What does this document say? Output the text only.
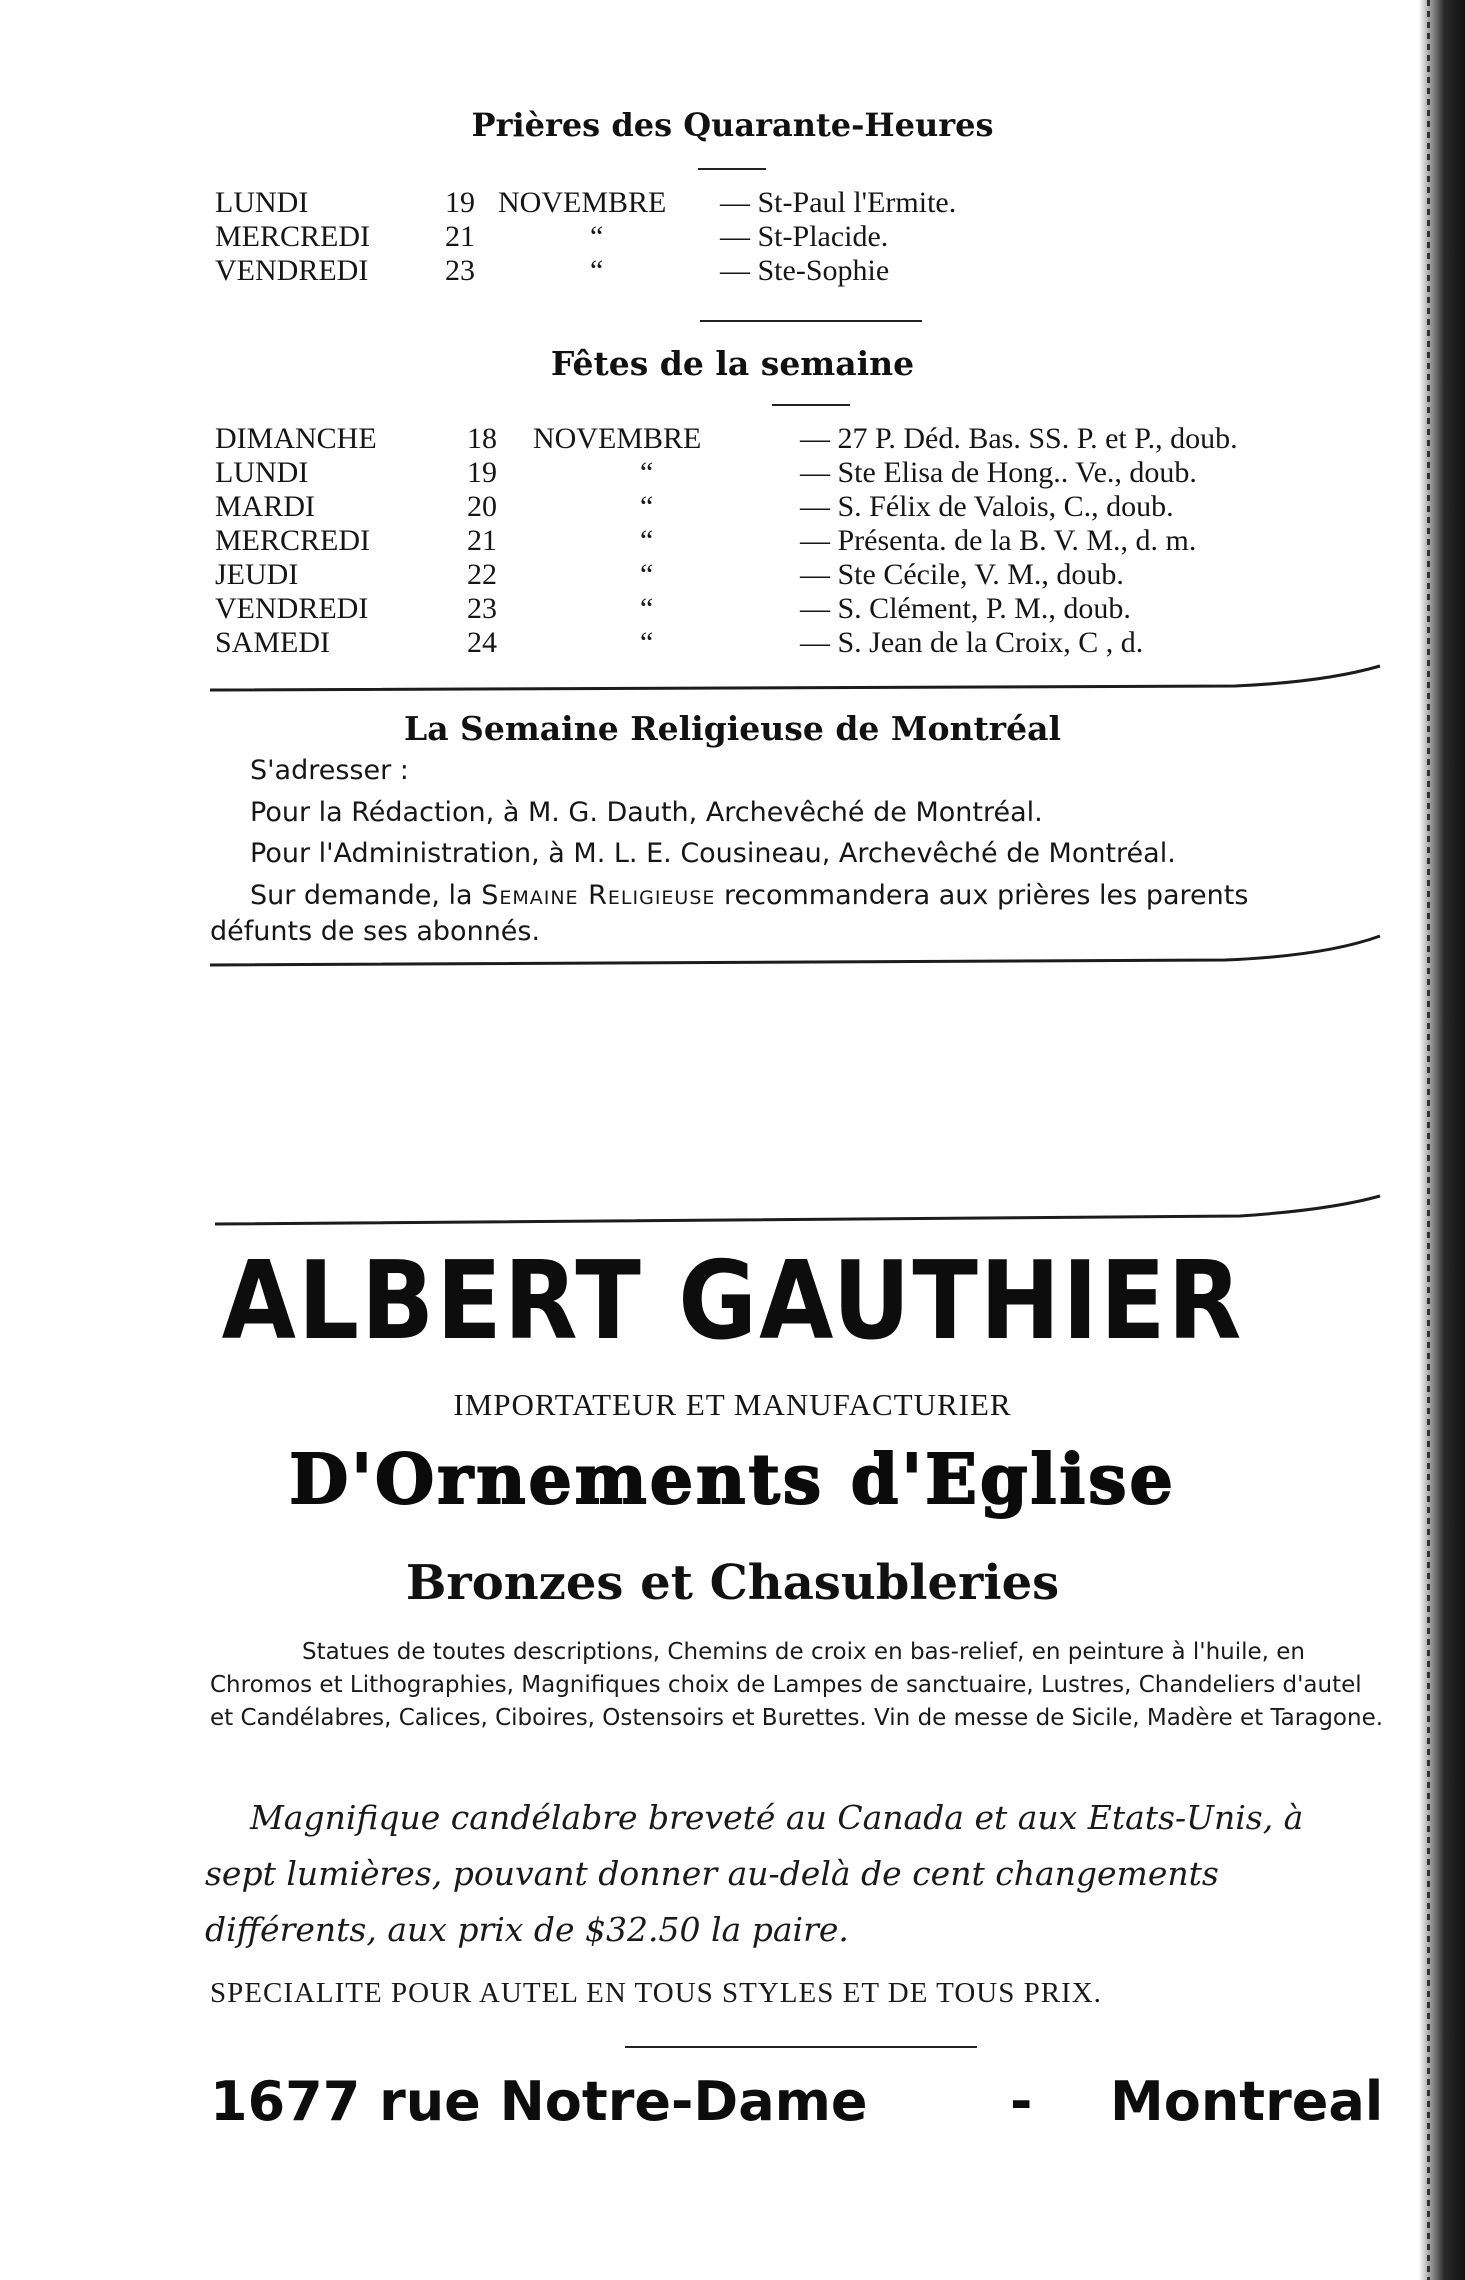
Prières des Quarante-Heures
LUNDI	19 NOVEMBRE — St-Paul l'Ermite.
MERCREDI 21	“	— St-Placide.
VENDREDI	23	“	— Ste-Sophie
Fêtes de la semaine
DIMANCHE	18 NOVEMBRE	— 27 P. Déd. Bas. SS. P. et P., doub.
LUNDI	19	“	— Ste Elisa de Hong.. Ve., doub.
MARDI	20	“	— S. Félix de Valois, C., doub.
MERCREDI	21	“	— Présenta. de la B. V. M., d. m.
JEUDI	22	“	— Ste Cécile, V. M., doub.
VENDREDI	23	“	— S. Clément, P. M., doub.
SAMEDI	24	“	— S. Jean de la Croix, C , d.
La Semaine Religieuse de Montréal
S'adresser :
Pour la Rédaction, à M. G. Dauth, Archevêché de Montréal.
Pour l'Administration, à M. L. E. Cousineau, Archevêché de Montréal.
Sur demande, la Semaine Religieuse recommandera aux prières les parents
défunts de ses abonnés.
ALBERT GAUTHIER
IMPORTATEUR ET MANUFACTURIER
D'Ornements d'Eglise
Bronzes et Chasubleries
Statues de toutes descriptions, Chemins de croix en bas-relief, en peinture à l'huile, en Chromos et Lithographies, Magnifiques choix de Lampes de sanctuaire, Lustres, Chandeliers d'autel et Candélabres, Calices, Ciboires, Ostensoirs et Burettes. Vin de messe de Sicile, Madère et Taragone.
Magnifique candélabre breveté au Canada et aux Etats-Unis, à sept lumières, pouvant donner au-delà de cent changements différents, aux prix de $32.50 la paire.
SPECIALITE POUR AUTEL EN TOUS STYLES ET DE TOUS PRIX.
1677 rue Notre-Dame	- Montreal
